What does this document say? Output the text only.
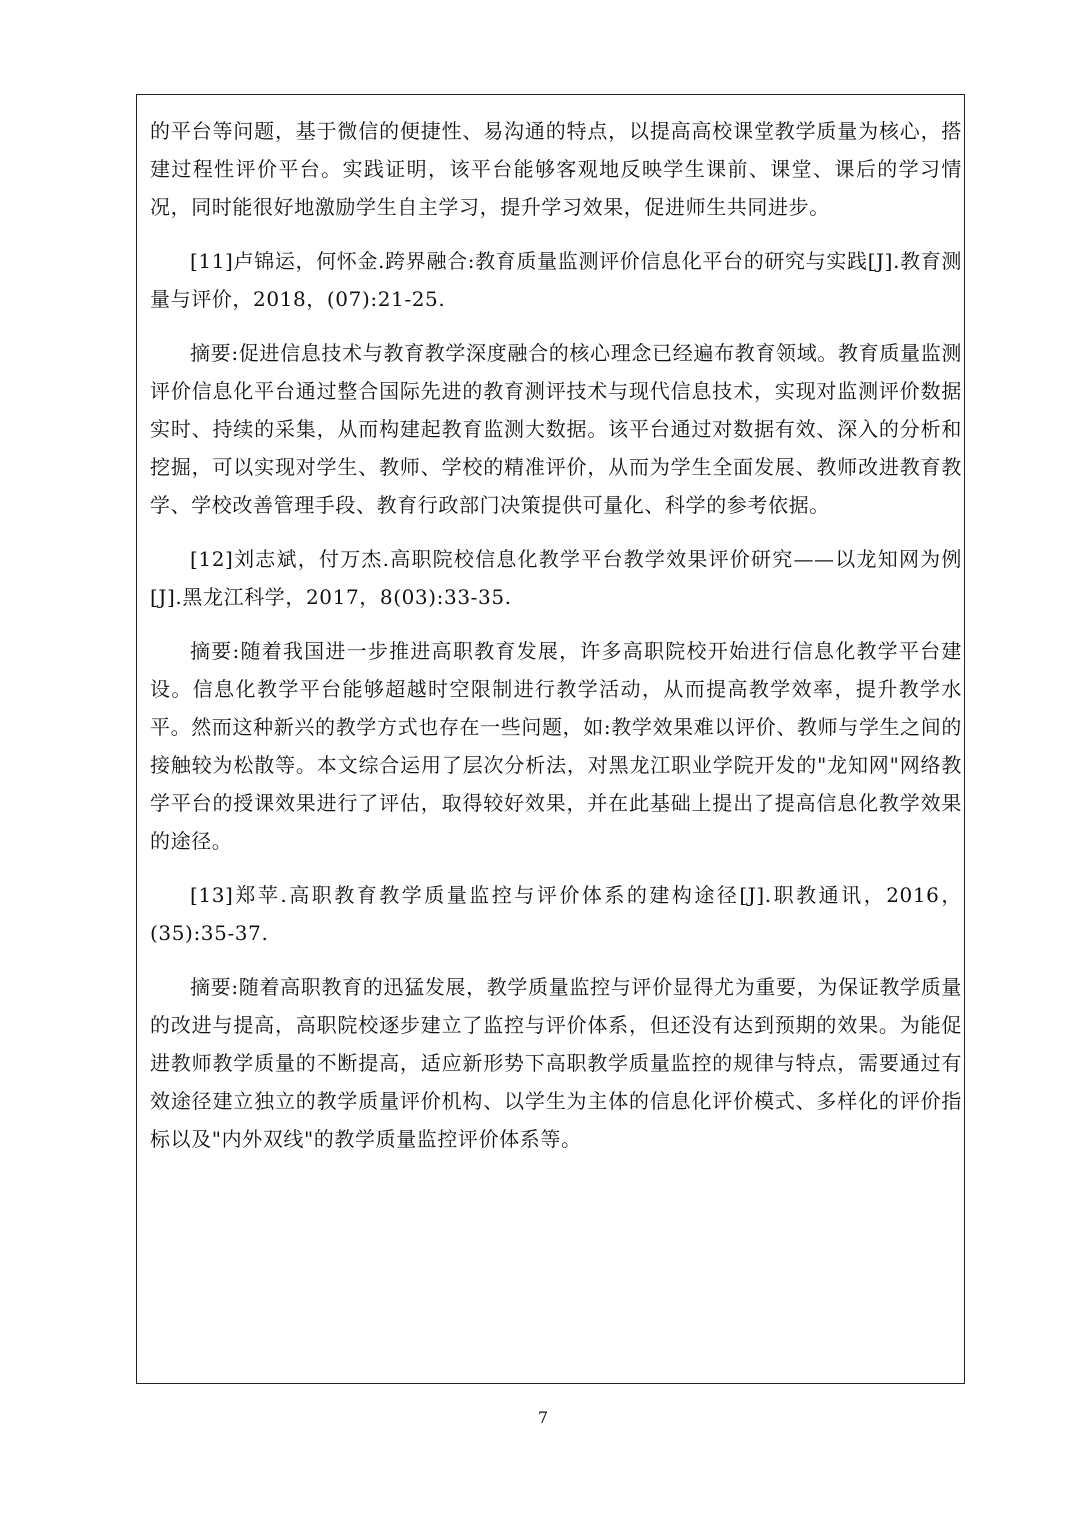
的平台等问题，基于微信的便捷性、易沟通的特点，以提高高校课堂教学质量为核心，搭建过程性评价平台。实践证明，该平台能够客观地反映学生课前、课堂、课后的学习情况，同时能很好地激励学生自主学习，提升学习效果，促进师生共同进步。

[11]卢锦运，何怀金.跨界融合:教育质量监测评价信息化平台的研究与实践[J].教育测量与评价，2018，(07):21-25.

摘要:促进信息技术与教育教学深度融合的核心理念已经遍布教育领域。教育质量监测评价信息化平台通过整合国际先进的教育测评技术与现代信息技术，实现对监测评价数据实时、持续的采集，从而构建起教育监测大数据。该平台通过对数据有效、深入的分析和挖掘，可以实现对学生、教师、学校的精准评价，从而为学生全面发展、教师改进教育教学、学校改善管理手段、教育行政部门决策提供可量化、科学的参考依据。

[12]刘志斌，付万杰.高职院校信息化教学平台教学效果评价研究——以龙知网为例[J].黑龙江科学，2017，8(03):33-35.

摘要:随着我国进一步推进高职教育发展，许多高职院校开始进行信息化教学平台建设。信息化教学平台能够超越时空限制进行教学活动，从而提高教学效率，提升教学水平。然而这种新兴的教学方式也存在一些问题，如:教学效果难以评价、教师与学生之间的接触较为松散等。本文综合运用了层次分析法，对黑龙江职业学院开发的"龙知网"网络教学平台的授课效果进行了评估，取得较好效果，并在此基础上提出了提高信息化教学效果的途径。

[13]郑苹.高职教育教学质量监控与评价体系的建构途径[J].职教通讯，2016，(35):35-37.

摘要:随着高职教育的迅猛发展，教学质量监控与评价显得尤为重要，为保证教学质量的改进与提高，高职院校逐步建立了监控与评价体系，但还没有达到预期的效果。为能促进教师教学质量的不断提高，适应新形势下高职教学质量监控的规律与特点，需要通过有效途径建立独立的教学质量评价机构、以学生为主体的信息化评价模式、多样化的评价指标以及"内外双线"的教学质量监控评价体系等。

7
